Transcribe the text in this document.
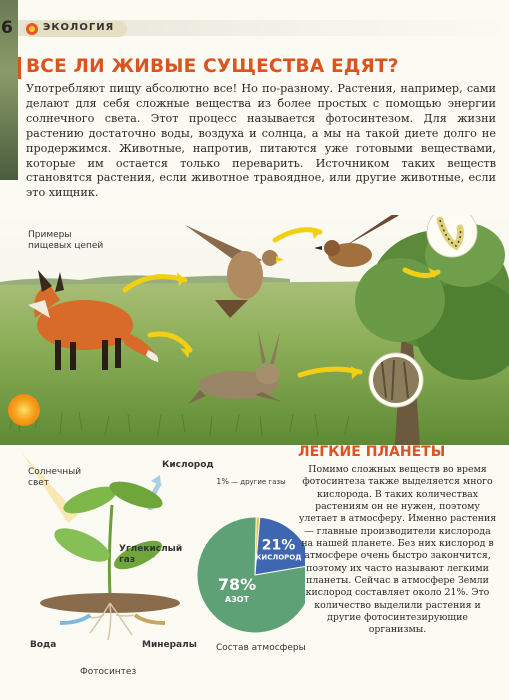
6	ЭКОЛОГИЯ
ВСЕ ЛИ ЖИВЫЕ СУЩЕСТВА ЕДЯТ?
Употребляют пищу абсолютно все! Но по-разному. Растения, например, сами делают для себя сложные вещества из более простых с помощью энергии солнечного света. Этот процесс называется фотосинтезом. Для жизни растению достаточно воды, воздуха и солнца, а мы на такой диете долго не продержимся. Животные, напротив, питаются уже готовыми веществами, которые им остается только переварить. Источником таких веществ становятся растения, если животное травоядное, или другие животные, если это хищник.
Примеры пищевых цепей
Солнечный свет
Кислород
Углекислый газ
Вода	Минералы
Фотосинтез
78%
АЗОТ
21%
КИСЛОРОД
1% — другие газы
Состав атмосферы
ЛЕГКИЕ ПЛАНЕТЫ
Помимо сложных веществ во время фотосинтеза также выделяется много кислорода. В таких количествах растениям он не нужен, поэтому улетает в атмосферу. Именно растения — главные производители кислорода на нашей планете. Без них кислород в атмосфере очень быстро закончится, поэтому их часто называют легкими планеты. Сейчас в атмосфере Земли кислород составляет около 21%. Это количество выделили растения и другие фотосинтезирующие организмы.
